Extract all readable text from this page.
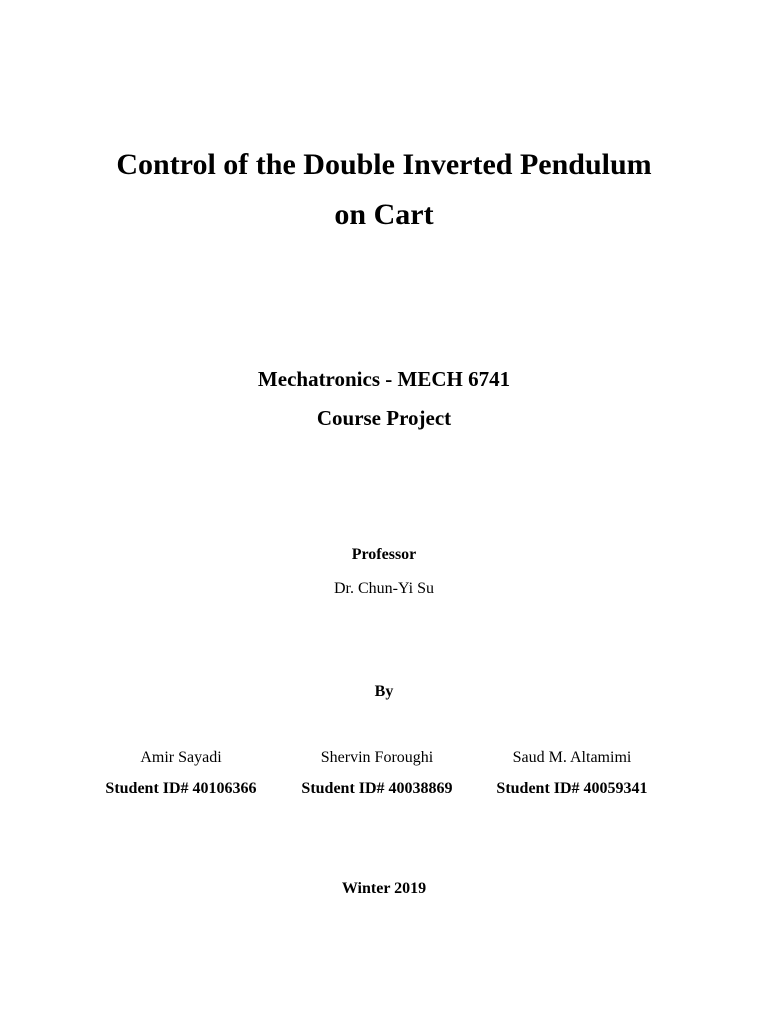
Control of the Double Inverted Pendulum
on Cart
Mechatronics - MECH 6741
Course Project
Professor
Dr. Chun-Yi Su
By
Amir Sayadi
Student ID# 40106366
Shervin Foroughi
Student ID# 40038869
Saud M. Altamimi
Student ID# 40059341
Winter 2019
